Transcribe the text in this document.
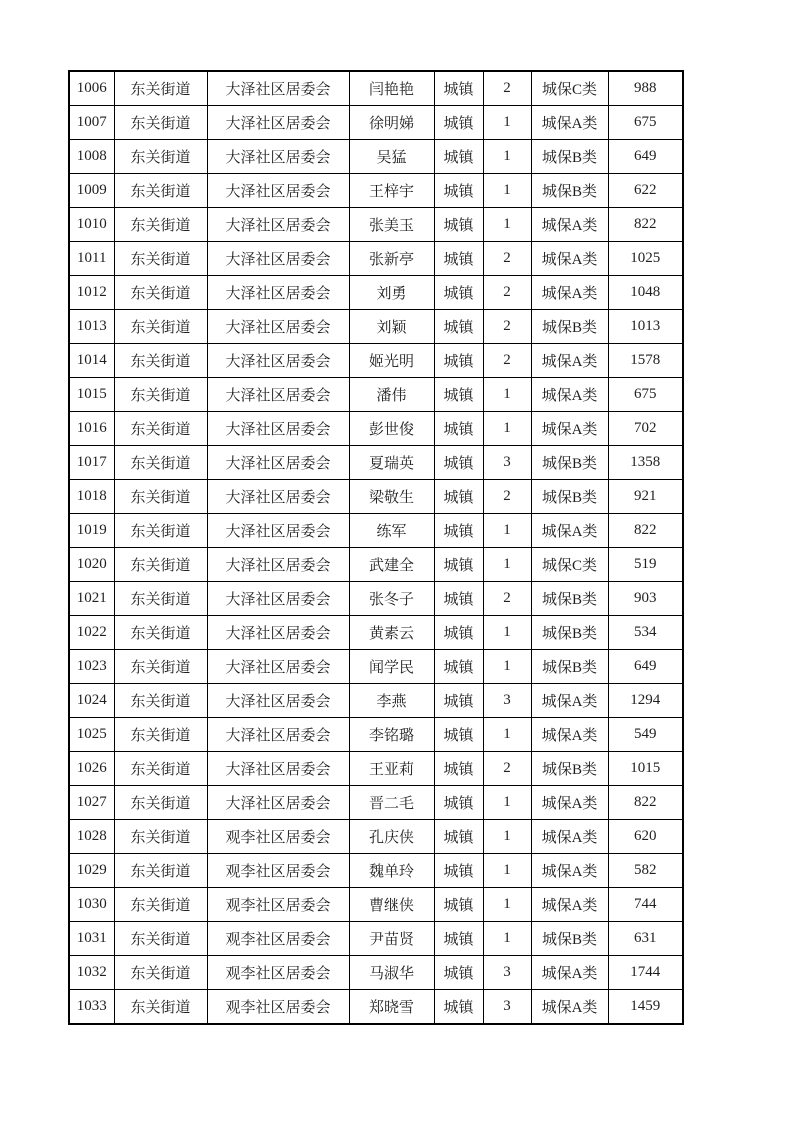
1006	东关街道	大泽社区居委会	闫艳艳	城镇	2	城保C类	988
1007	东关街道	大泽社区居委会	徐明娣	城镇	1	城保A类	675
1008	东关街道	大泽社区居委会	吴猛	城镇	1	城保B类	649
1009	东关街道	大泽社区居委会	王梓宇	城镇	1	城保B类	622
1010	东关街道	大泽社区居委会	张美玉	城镇	1	城保A类	822
1011	东关街道	大泽社区居委会	张新亭	城镇	2	城保A类	1025
1012	东关街道	大泽社区居委会	刘勇	城镇	2	城保A类	1048
1013	东关街道	大泽社区居委会	刘颖	城镇	2	城保B类	1013
1014	东关街道	大泽社区居委会	姬光明	城镇	2	城保A类	1578
1015	东关街道	大泽社区居委会	潘伟	城镇	1	城保A类	675
1016	东关街道	大泽社区居委会	彭世俊	城镇	1	城保A类	702
1017	东关街道	大泽社区居委会	夏瑞英	城镇	3	城保B类	1358
1018	东关街道	大泽社区居委会	梁敬生	城镇	2	城保B类	921
1019	东关街道	大泽社区居委会	练军	城镇	1	城保A类	822
1020	东关街道	大泽社区居委会	武建全	城镇	1	城保C类	519
1021	东关街道	大泽社区居委会	张冬子	城镇	2	城保B类	903
1022	东关街道	大泽社区居委会	黄素云	城镇	1	城保B类	534
1023	东关街道	大泽社区居委会	闻学民	城镇	1	城保B类	649
1024	东关街道	大泽社区居委会	李燕	城镇	3	城保A类	1294
1025	东关街道	大泽社区居委会	李铭璐	城镇	1	城保A类	549
1026	东关街道	大泽社区居委会	王亚莉	城镇	2	城保B类	1015
1027	东关街道	大泽社区居委会	晋二毛	城镇	1	城保A类	822
1028	东关街道	观李社区居委会	孔庆侠	城镇	1	城保A类	620
1029	东关街道	观李社区居委会	魏单玲	城镇	1	城保A类	582
1030	东关街道	观李社区居委会	曹继侠	城镇	1	城保A类	744
1031	东关街道	观李社区居委会	尹苗贤	城镇	1	城保B类	631
1032	东关街道	观李社区居委会	马淑华	城镇	3	城保A类	1744
1033	东关街道	观李社区居委会	郑晓雪	城镇	3	城保A类	1459
